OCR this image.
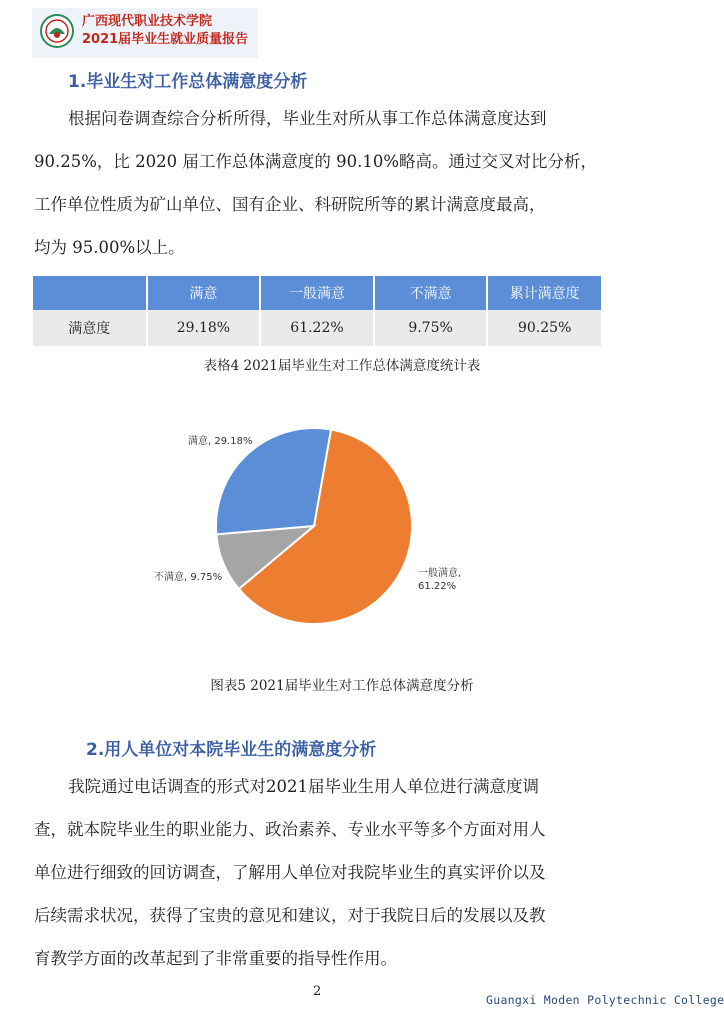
广西现代职业技术学院
2021届毕业生就业质量报告
1.毕业生对工作总体满意度分析
根据问卷调查综合分析所得，毕业生对所从事工作总体满意度达到
90.25%，比 2020 届工作总体满意度的 90.10%略高。通过交叉对比分析，
工作单位性质为矿山单位、国有企业、科研院所等的累计满意度最高，
均为 95.00%以上。
	满意	一般满意	不满意	累计满意度
满意度	29.18%	61.22%	9.75%	90.25%
表格4 2021届毕业生对工作总体满意度统计表
满意, 29.18%
一般满意, 61.22%
不满意, 9.75%
图表5 2021届毕业生对工作总体满意度分析
2.用人单位对本院毕业生的满意度分析
我院通过电话调查的形式对2021届毕业生用人单位进行满意度调
查，就本院毕业生的职业能力、政治素养、专业水平等多个方面对用人
单位进行细致的回访调查，了解用人单位对我院毕业生的真实评价以及
后续需求状况，获得了宝贵的意见和建议，对于我院日后的发展以及教
育教学方面的改革起到了非常重要的指导性作用。
2
Guangxi Moden Polytechnic College
